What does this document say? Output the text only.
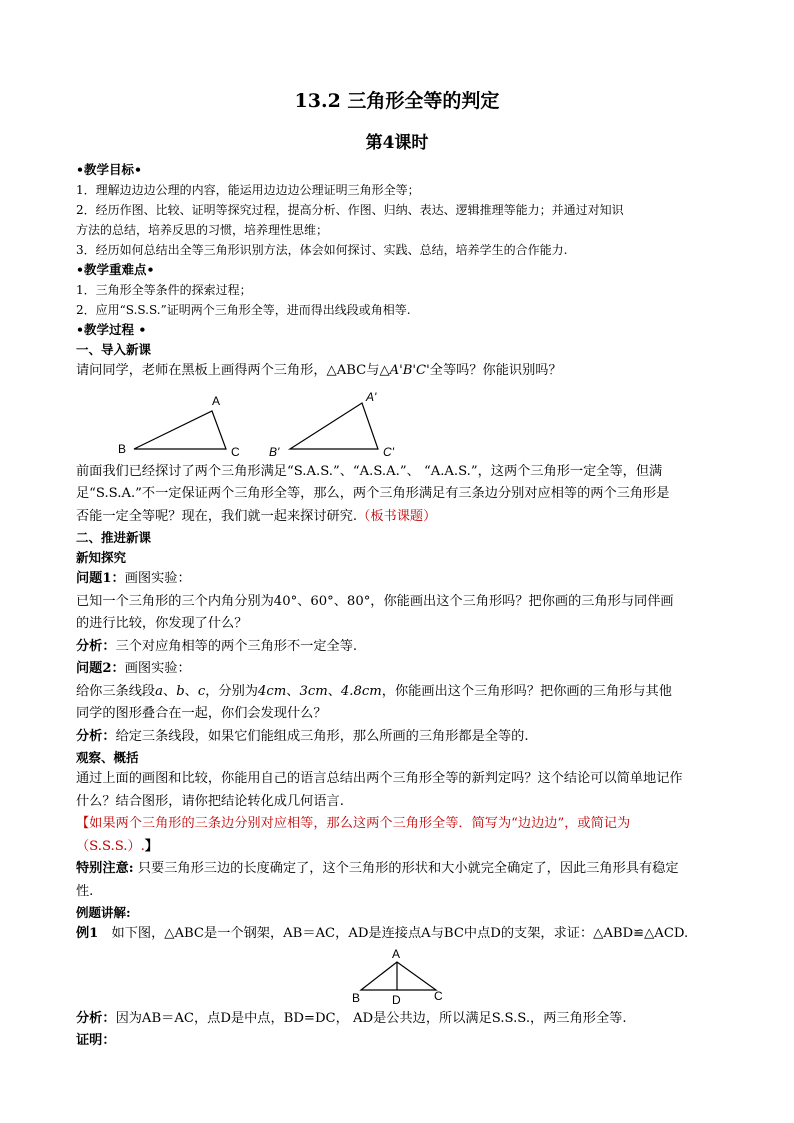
13.2 三角形全等的判定
第4课时

•教学目标•

1．理解边边边公理的内容，能运用边边边公理证明三角形全等；

2．经历作图、比较、证明等探究过程，提高分析、作图、归纳、表达、逻辑推理等能力；并通过对知识

方法的总结，培养反思的习惯，培养理性思维；

3．经历如何总结出全等三角形识别方法，体会如何探讨、实践、总结，培养学生的合作能力.

•教学重难点•

1．三角形全等条件的探索过程；

2．应用“S.S.S.”证明两个三角形全等，进而得出线段或角相等.

•教学过程 •

一、导入新课

请问同学，老师在黑板上画得两个三角形，△ABC与△A'B'C'全等吗？你能识别吗？

A
B	C
A'
B'	C'

前面我们已经探讨了两个三角形满足“S.A.S.”、“A.S.A.”、 “A.A.S.”，这两个三角形一定全等，但满

足“S.S.A.”不一定保证两个三角形全等，那么，两个三角形满足有三条边分别对应相等的两个三角形是

否能一定全等呢？现在，我们就一起来探讨研究.（板书课题）

二、推进新课

新知探究

问题1：画图实验：

已知一个三角形的三个内角分别为40°、60°、80°，你能画出这个三角形吗？把你画的三角形与同伴画

的进行比较，你发现了什么？

分析：三个对应角相等的两个三角形不一定全等.

问题2：画图实验：

给你三条线段a、b、c，分别为4cm、3cm、4.8cm，你能画出这个三角形吗？把你画的三角形与其他

同学的图形叠合在一起，你们会发现什么？

分析：给定三条线段，如果它们能组成三角形，那么所画的三角形都是全等的.

观察、概括

通过上面的画图和比较，你能用自己的语言总结出两个三角形全等的新判定吗？这个结论可以简单地记作

什么？结合图形，请你把结论转化成几何语言.

【如果两个三角形的三条边分别对应相等，那么这两个三角形全等．简写为“边边边”，或简记为

（S.S.S.）.】

特别注意: 只要三角形三边的长度确定了，这个三角形的形状和大小就完全确定了，因此三角形具有稳定

性.

例题讲解:

例1　如下图，△ABC是一个钢架，AB＝AC，AD是连接点A与BC中点D的支架，求证：△ABD≌△ACD.

A
B	D	C

分析：因为AB＝AC，点D是中点，BD=DC， AD是公共边，所以满足S.S.S.，两三角形全等.

证明：
